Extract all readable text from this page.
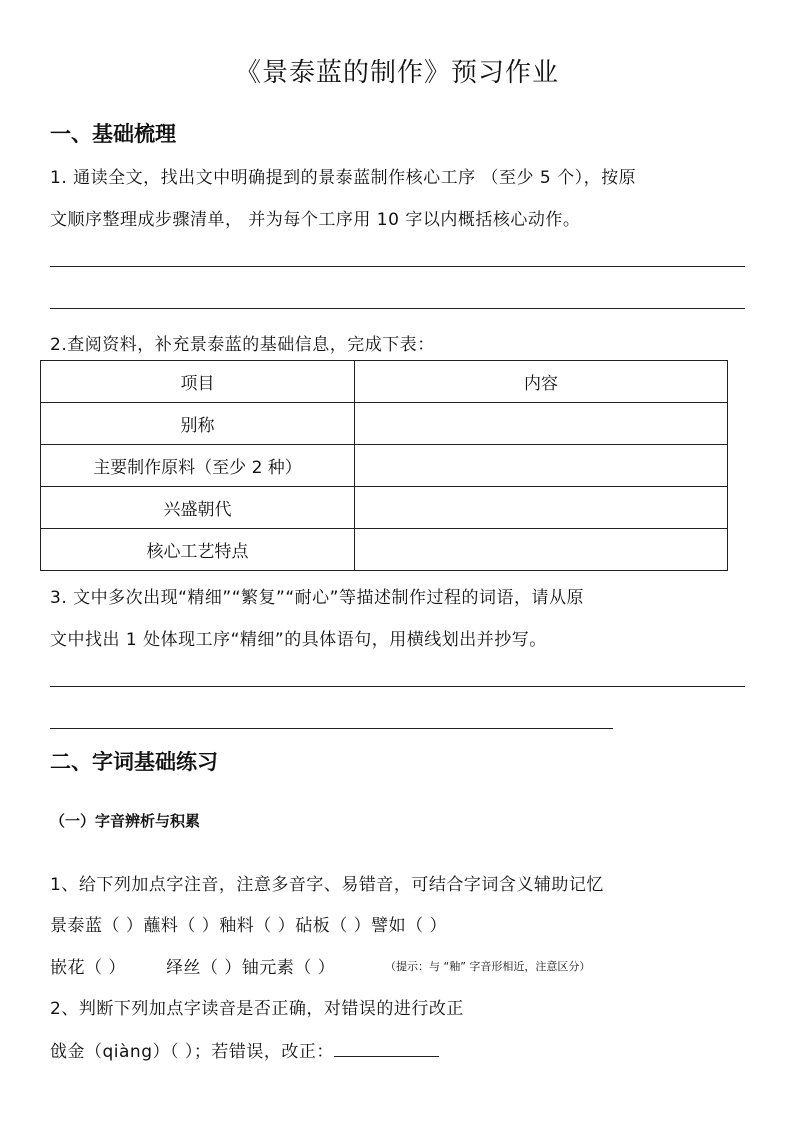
《景泰蓝的制作》预习作业
一、基础梳理
1. 通读全文，找出文中明确提到的景泰蓝制作核心工序 （至少 5 个），按原
文顺序整理成步骤清单， 并为每个工序用 10 字以内概括核心动作。
2.查阅资料，补充景泰蓝的基础信息，完成下表：
项目	内容
别称	
主要制作原料（至少 2 种）	
兴盛朝代	
核心工艺特点	
3. 文中多次出现“精细”“繁复”“耐心”等描述制作过程的词语，请从原
文中找出 1 处体现工序“精细”的具体语句，用横线划出并抄写。
二、字词基础练习
（一）字音辨析与积累
1、给下列加点字注音，注意多音字、易错音，可结合字词含义辅助记忆
景泰蓝（ ）蘸料（ ）釉料（ ）砧板（ ）譬如（ ）
嵌花（ ） 绎丝（ ）铀元素（ ）	（提示：与 “釉” 字音形相近，注意区分）
2、判断下列加点字读音是否正确，对错误的进行改正
戗金（qiàng）（ ）；若错误，改正：
